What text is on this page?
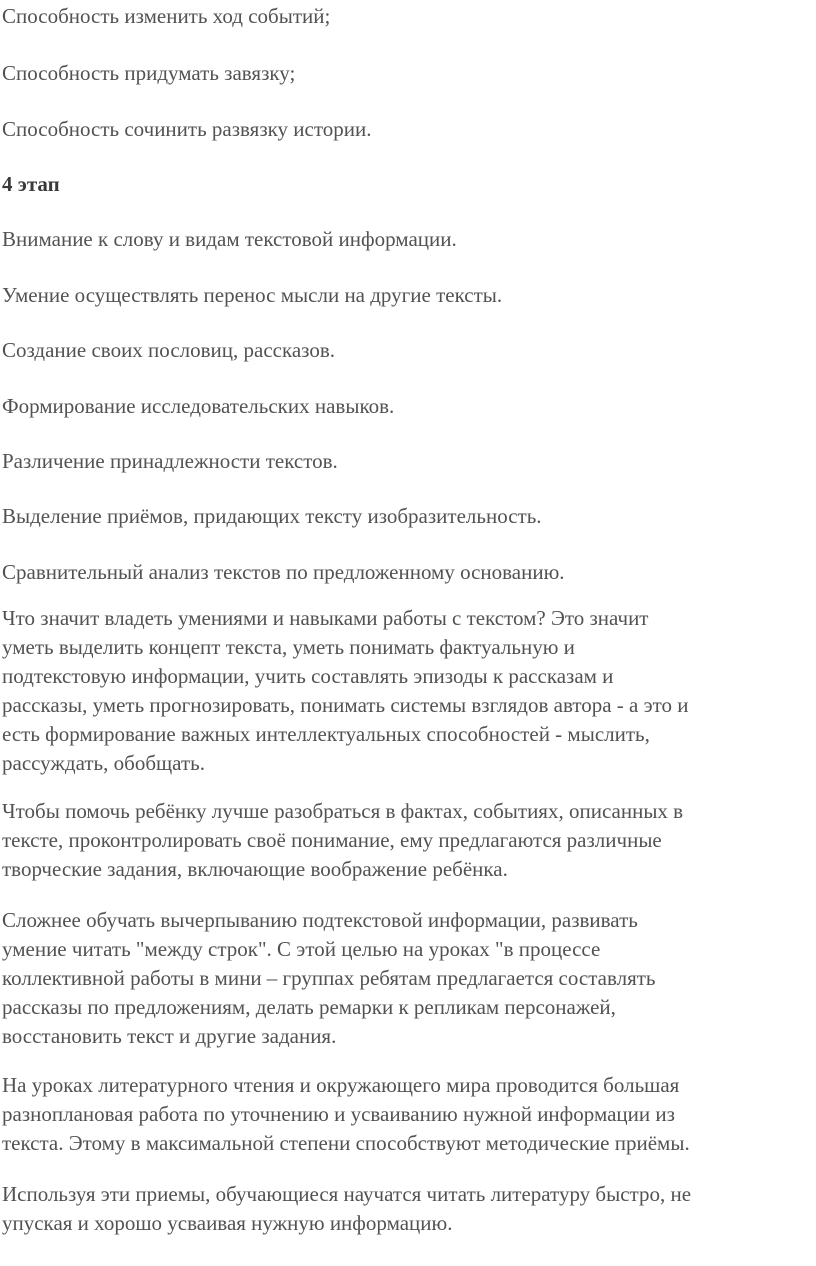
Способность изменить ход событий;

Способность придумать завязку;

Способность сочинить развязку истории.

4 этап

Внимание к слову и видам текстовой информации.

Умение осуществлять перенос мысли на другие тексты.

Создание своих пословиц, рассказов.

Формирование исследовательских навыков.

Различение принадлежности текстов.

Выделение приёмов, придающих тексту изобразительность.

Сравнительный анализ текстов по предложенному основанию.

Что значит владеть умениями и навыками работы с текстом? Это значит
уметь выделить концепт текста, уметь понимать фактуальную и
подтекстовую информации, учить составлять эпизоды к рассказам и
рассказы, уметь прогнозировать, понимать системы взглядов автора - а это и
есть формирование важных интеллектуальных способностей - мыслить,
рассуждать, обобщать.
Чтобы помочь ребёнку лучше разобраться в фактах, событиях, описанных в
тексте, проконтролировать своё понимание, ему предлагаются различные
творческие задания, включающие воображение ребёнка.
Сложнее обучать вычерпыванию подтекстовой информации, развивать
умение читать "между строк". С этой целью на уроках "в процессе
коллективной работы в мини – группах ребятам предлагается составлять
рассказы по предложениям, делать ремарки к репликам персонажей,
восстановить текст и другие задания.
На уроках литературного чтения и окружающего мира проводится большая
разноплановая работа по уточнению и усваиванию нужной информации из
текста. Этому в максимальной степени способствуют методические приёмы.
Используя эти приемы, обучающиеся научатся читать литературу быстро, не
упуская и хорошо усваивая нужную информацию.
